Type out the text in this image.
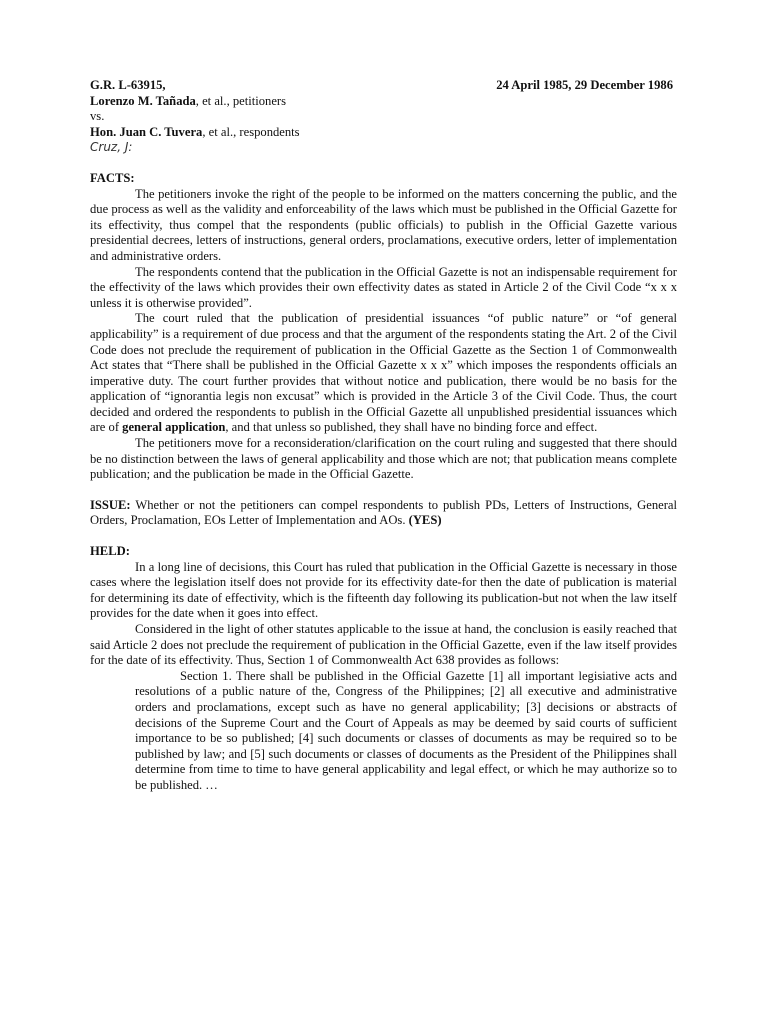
G.R. L-63915,	24 April 1985, 29 December 1986
Lorenzo M. Tañada, et al., petitioners
vs.
Hon. Juan C. Tuvera, et al., respondents
Cruz, J:
FACTS:

The petitioners invoke the right of the people to be informed on the matters concerning the public, and the due process as well as the validity and enforceability of the laws which must be published in the Official Gazette for its effectivity, thus compel that the respondents (public officials) to publish in the Official Gazette various presidential decrees, letters of instructions, general orders, proclamations, executive orders, letter of implementation and administrative orders.

The respondents contend that the publication in the Official Gazette is not an indispensable requirement for the effectivity of the laws which provides their own effectivity dates as stated in Article 2 of the Civil Code “x x x unless it is otherwise provided”.

The court ruled that the publication of presidential issuances “of public nature” or “of general applicability” is a requirement of due process and that the argument of the respondents stating the Art. 2 of the Civil Code does not preclude the requirement of publication in the Official Gazette as the Section 1 of Commonwealth Act states that “There shall be published in the Official Gazette x x x” which imposes the respondents officials an imperative duty. The court further provides that without notice and publication, there would be no basis for the application of “ignorantia legis non excusat” which is provided in the Article 3 of the Civil Code. Thus, the court decided and ordered the respondents to publish in the Official Gazette all unpublished presidential issuances which are of general application, and that unless so published, they shall have no binding force and effect.

The petitioners move for a reconsideration/clarification on the court ruling and suggested that there should be no distinction between the laws of general applicability and those which are not; that publication means complete publication; and the publication be made in the Official Gazette.

ISSUE: Whether or not the petitioners can compel respondents to publish PDs, Letters of Instructions, General Orders, Proclamation, EOs Letter of Implementation and AOs. (YES)
HELD:

In a long line of decisions, this Court has ruled that publication in the Official Gazette is necessary in those cases where the legislation itself does not provide for its effectivity date-for then the date of publication is material for determining its date of effectivity, which is the fifteenth day following its publication-but not when the law itself provides for the date when it goes into effect.

Considered in the light of other statutes applicable to the issue at hand, the conclusion is easily reached that said Article 2 does not preclude the requirement of publication in the Official Gazette, even if the law itself provides for the date of its effectivity. Thus, Section 1 of Commonwealth Act 638 provides as follows:

Section 1. There shall be published in the Official Gazette [1] all important legisiative acts and resolutions of a public nature of the, Congress of the Philippines; [2] all executive and administrative orders and proclamations, except such as have no general applicability; [3] decisions or abstracts of decisions of the Supreme Court and the Court of Appeals as may be deemed by said courts of sufficient importance to be so published; [4] such documents or classes of documents as may be required so to be published by law; and [5] such documents or classes of documents as the President of the Philippines shall determine from time to time to have general applicability and legal effect, or which he may authorize so to be published. …
